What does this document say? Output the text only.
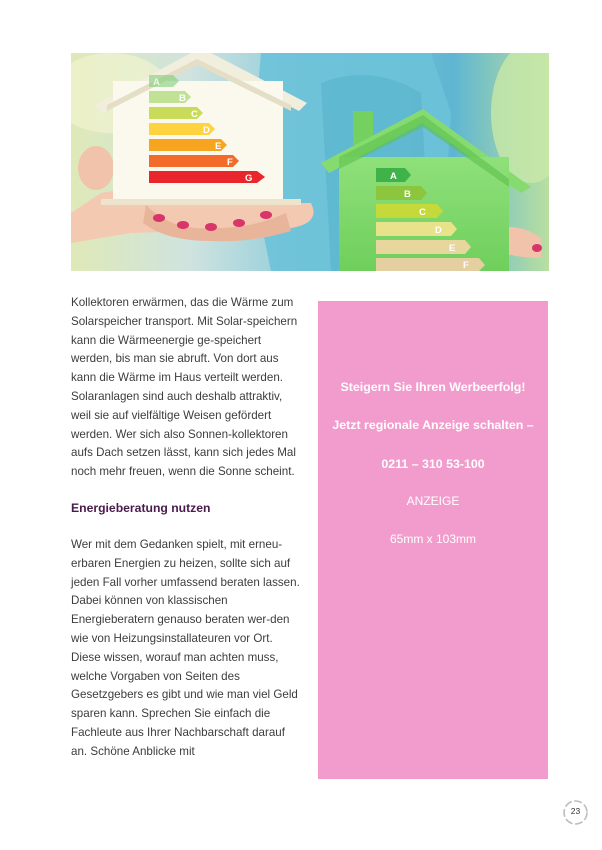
A
B
C
D
E
F
G	A
B
C
D
E
F

Kollektoren erwärmen, das die Wärme zum Solarspeicher transport. Mit Solar-speichern kann die Wärmeenergie ge-speichert werden, bis man sie abruft. Von dort aus kann die Wärme im Haus verteilt werden. Solaranlagen sind auch deshalb attraktiv, weil sie auf vielfältige Weisen gefördert werden. Wer sich also Sonnen-kollektoren aufs Dach setzen lässt, kann sich jedes Mal noch mehr freuen, wenn die Sonne scheint.

Energieberatung nutzen

Wer mit dem Gedanken spielt, mit erneu-erbaren Energien zu heizen, sollte sich auf jeden Fall vorher umfassend beraten lassen. Dabei können von klassischen Energieberatern genauso beraten wer-den wie von Heizungsinstallateuren vor Ort. Diese wissen, worauf man achten muss, welche Vorgaben von Seiten des Gesetzgebers es gibt und wie man viel Geld sparen kann. Sprechen Sie einfach die Fachleute aus Ihrer Nachbarschaft darauf an. Schöne Anblicke mit

Steigern Sie Ihren Werbeerfolg!
Jetzt regionale Anzeige schalten –
0211 – 310 53-100
ANZEIGE
65mm x 103mm
23
